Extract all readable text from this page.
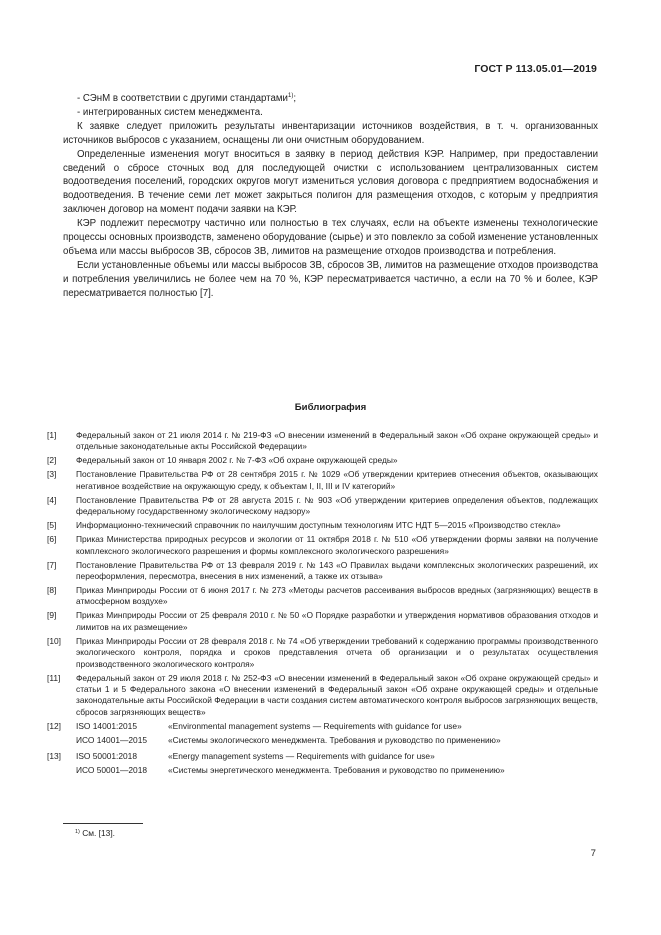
ГОСТ Р 113.05.01—2019

- СЭнМ в соответствии с другими стандартами$^{1)}$;

- интегрированных систем менеджмента.

К заявке следует приложить результаты инвентаризации источников воздействия, в т. ч. организованных источников выбросов с указанием, оснащены ли они очистным оборудованием.

Определенные изменения могут вноситься в заявку в период действия КЭР. Например, при предоставлении сведений о сбросе сточных вод для последующей очистки с использованием централизованных систем водоотведения поселений, городских округов могут измениться условия договора с предприятием водоснабжения и водоотведения. В течение семи лет может закрыться полигон для размещения отходов, с которым у предприятия заключен договор на момент подачи заявки на КЭР.

КЭР подлежит пересмотру частично или полностью в тех случаях, если на объекте изменены технологические процессы основных производств, заменено оборудование (сырье) и это повлекло за собой изменение установленных объема или массы выбросов ЗВ, сбросов ЗВ, лимитов на размещение отходов производства и потребления.

Если установленные объемы или массы выбросов ЗВ, сбросов ЗВ, лимитов на размещение отходов производства и потребления увеличились не более чем на 70 %, КЭР пересматривается частично, а если на 70 % и более, КЭР пересматривается полностью [7].

Библиография
[1]	Федеральный закон от 21 июля 2014 г. № 219-ФЗ «О внесении изменений в Федеральный закон «Об охране окружающей среды» и отдельные законодательные акты Российской Федерации»
[2]	Федеральный закон от 10 января 2002 г. № 7-ФЗ «Об охране окружающей среды»
[3]	Постановление Правительства РФ от 28 сентября 2015 г. № 1029 «Об утверждении критериев отнесения объектов, оказывающих негативное воздействие на окружающую среду, к объектам I, II, III и IV категорий»
[4]	Постановление Правительства РФ от 28 августа 2015 г. № 903 «Об утверждении критериев определения объектов, подлежащих федеральному государственному экологическому надзору»
[5]	Информационно-технический справочник по наилучшим доступным технологиям ИТС НДТ 5—2015 «Производство стекла»
[6]	Приказ Министерства природных ресурсов и экологии от 11 октября 2018 г. № 510 «Об утверждении формы заявки на получение комплексного экологического разрешения и формы комплексного экологического разрешения»
[7]	Постановление Правительства РФ от 13 февраля 2019 г. № 143 «О Правилах выдачи комплексных экологических разрешений, их переоформления, пересмотра, внесения в них изменений, а также их отзыва»
[8]	Приказ Минприроды России от 6 июня 2017 г. № 273 «Методы расчетов рассеивания выбросов вредных (загрязняющих) веществ в атмосферном воздухе»
[9]	Приказ Минприроды России от 25 февраля 2010 г. № 50 «О Порядке разработки и утверждения нормативов образования отходов и лимитов на их размещение»
[10]	Приказ Минприроды России от 28 февраля 2018 г. № 74 «Об утверждении требований к содержанию программы производственного экологического контроля, порядка и сроков представления отчета об организации и о результатах осуществления производственного экологического контроля»
[11]	Федеральный закон от 29 июля 2018 г. № 252-ФЗ «О внесении изменений в Федеральный закон «Об охране окружающей среды» и статьи 1 и 5 Федерального закона «О внесении изменений в Федеральный закон «Об охране окружающей среды» и отдельные законодательные акты Российской Федерации в части создания систем автоматического контроля выбросов загрязняющих веществ, сбросов загрязняющих веществ»
[12]	ISO 14001:2015	«Environmental management systems — Requirements with guidance for use»
ИСО 14001—2015	«Системы экологического менеджмента. Требования и руководство по применению»
[13]	ISO 50001:2018	«Energy management systems — Requirements with guidance for use»
ИСО 50001—2018	«Системы энергетического менеджмента. Требования и руководство по применению»
$^{1)}$ См. [13].
7
